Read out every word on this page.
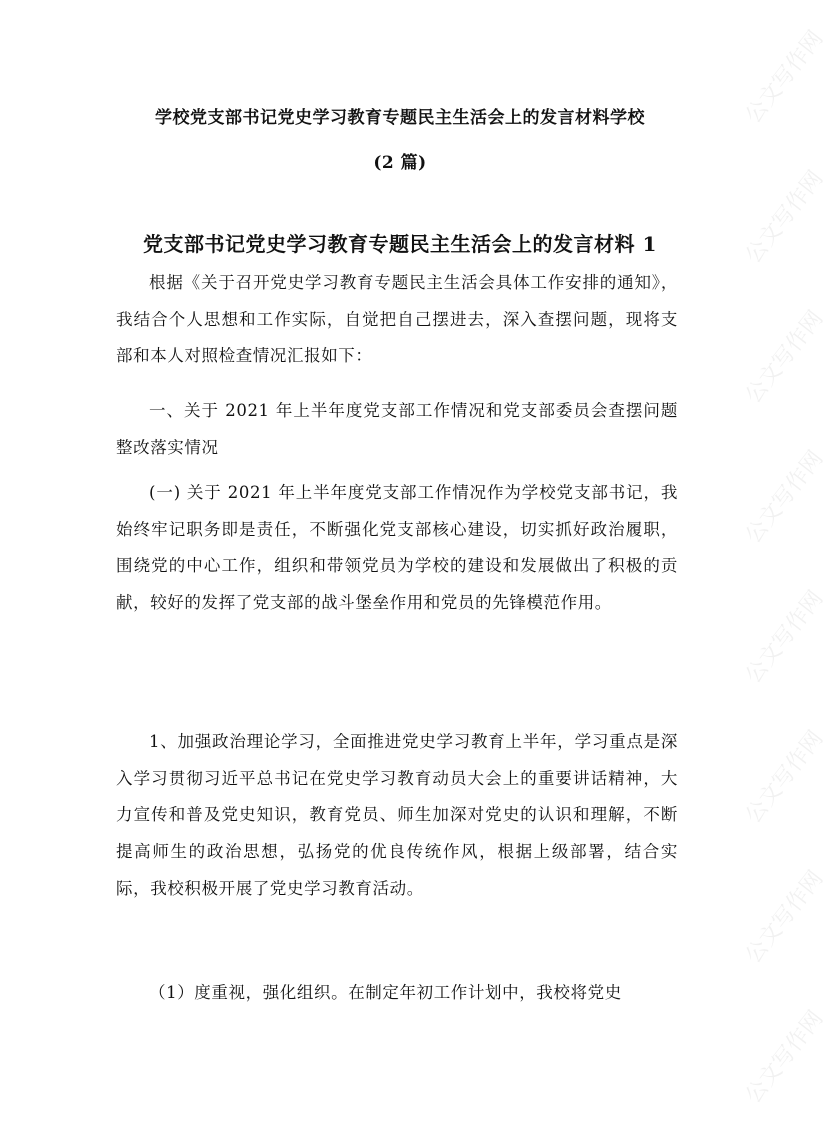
学校党支部书记党史学习教育专题民主生活会上的发言材料学校
(2 篇)
党支部书记党史学习教育专题民主生活会上的发言材料 1
根据《关于召开党史学习教育专题民主生活会具体工作安排的通知》，我结合个人思想和工作实际，自觉把自己摆进去，深入查摆问题，现将支部和本人对照检查情况汇报如下：
一、关于 2021 年上半年度党支部工作情况和党支部委员会查摆问题整改落实情况
(一) 关于 2021 年上半年度党支部工作情况作为学校党支部书记，我始终牢记职务即是责任，不断强化党支部核心建设，切实抓好政治履职，围绕党的中心工作，组织和带领党员为学校的建设和发展做出了积极的贡献，较好的发挥了党支部的战斗堡垒作用和党员的先锋模范作用。
1、加强政治理论学习，全面推进党史学习教育上半年，学习重点是深入学习贯彻习近平总书记在党史学习教育动员大会上的重要讲话精神，大力宣传和普及党史知识，教育党员、师生加深对党史的认识和理解，不断提高师生的政治思想，弘扬党的优良传统作风，根据上级部署，结合实际，我校积极开展了党史学习教育活动。
（1）度重视，强化组织。在制定年初工作计划中，我校将党史
公文写作网
公文写作网
公文写作网
公文写作网
公文写作网
公文写作网
公文写作网
公文写作网
